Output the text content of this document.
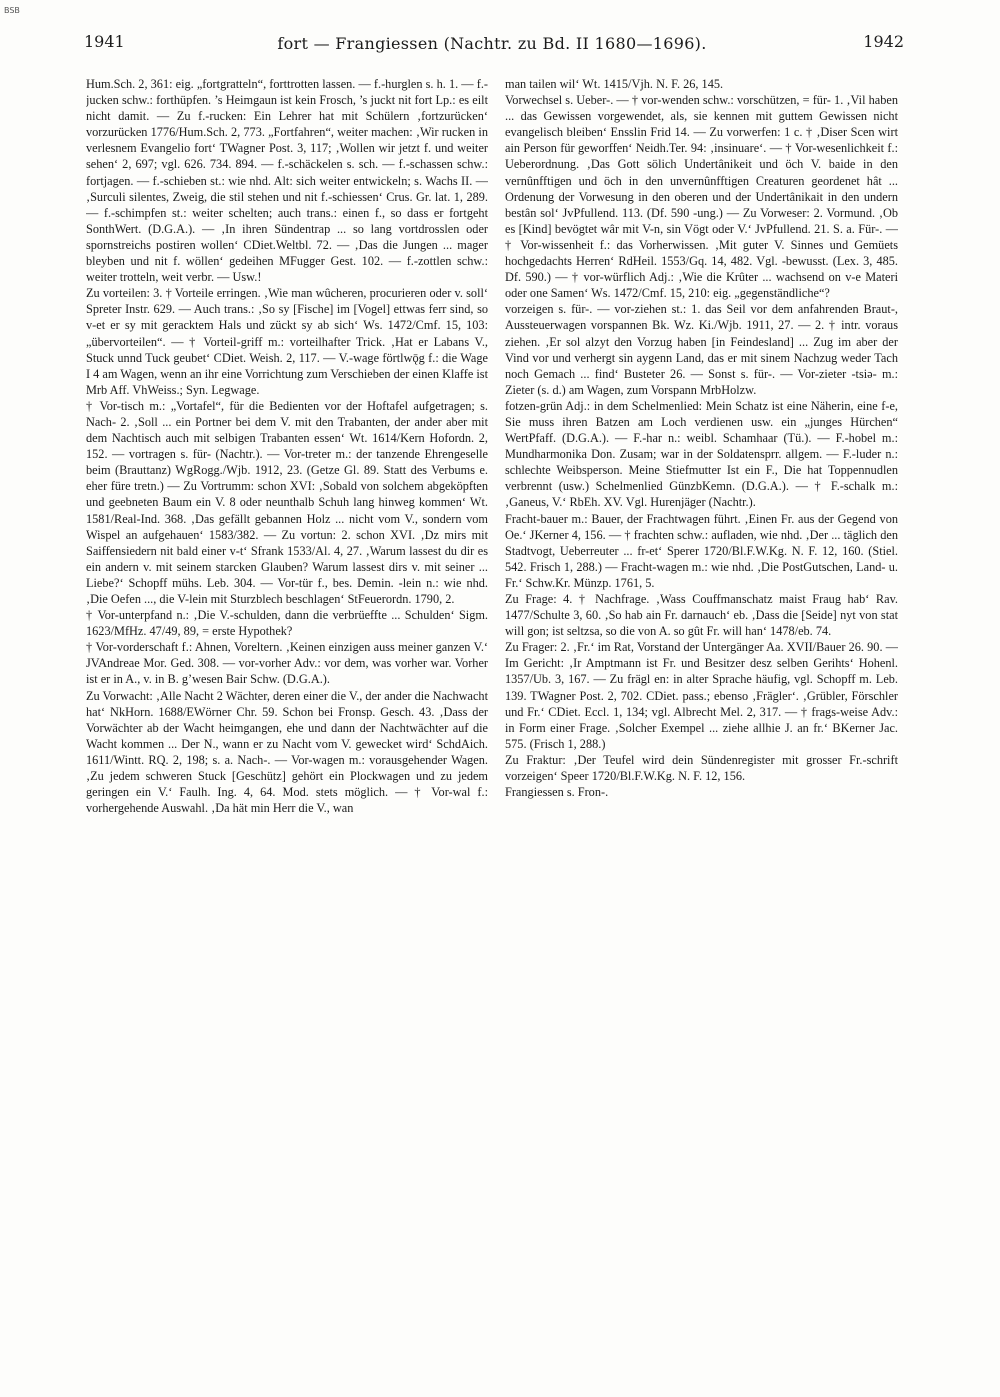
BSB
1941	fort — Frangiessen (Nachtr. zu Bd. II 1680—1696).	1942

Hum.Sch. 2, 361: eig. „fortgratteln“, forttrotten lassen. — f.-hurglen s. h. 1. — f.-jucken schw.: forthüpfen. ’s Heimgaun ist kein Frosch, ’s juckt nit fort Lp.: es eilt nicht damit. — Zu f.-rucken: Ein Lehrer hat mit Schülern ‚fortzurücken‘ vorzurücken 1776/Hum.Sch. 2, 773. „Fortfahren“, weiter machen: ‚Wir rucken in verlesnem Evangelio fort‘ TWagner Post. 3, 117; ‚Wollen wir jetzt f. und weiter sehen‘ 2, 697; vgl. 626. 734. 894. — f.-schäckelen s. sch. — f.-schassen schw.: fortjagen. — f.-schieben st.: wie nhd. Alt: sich weiter entwickeln; s. Wachs II. — ‚Surculi silentes, Zweig, die stil stehen und nit f.-schiessen‘ Crus. Gr. lat. 1, 289. — f.-schimpfen st.: weiter schelten; auch trans.: einen f., so dass er fortgeht SonthWert. (D.G.A.). — ‚In ihren Sündentrap ... so lang vortdrosslen oder spornstreichs postiren wollen‘ CDiet.Weltbl. 72. — ‚Das die Jungen ... mager bleyben und nit f. wöllen‘ gedeihen MFugger Gest. 102. — f.-zottlen schw.: weiter trotteln, weit verbr. — Usw.!

Zu vorteilen: 3. † Vorteile erringen. ‚Wie man wûcheren, procurieren oder v. soll‘ Spreter Instr. 629. — Auch trans.: ‚So sy [Fische] im [Vogel] ettwas ferr sind, so v-et er sy mit geracktem Hals und zückt sy ab sich‘ Ws. 1472/Cmf. 15, 103: „übervorteilen“. — † Vorteil-griff m.: vorteilhafter Trick. ‚Hat er Labans V., Stuck unnd Tuck geubet‘ CDiet. Weish. 2, 117. — V.-wage förtlwǭg f.: die Wage I 4 am Wagen, wenn an ihr eine Vorrichtung zum Verschieben der einen Klaffe ist Mrb Aff. VhWeiss.; Syn. Legwage.

† Vor-tisch m.: „Vortafel“, für die Bedienten vor der Hoftafel aufgetragen; s. Nach- 2. ‚Soll ... ein Portner bei dem V. mit den Trabanten, der ander aber mit dem Nachtisch auch mit selbigen Trabanten essen‘ Wt. 1614/Kern Hofordn. 2, 152. — vortragen s. für- (Nachtr.). — Vor-treter m.: der tanzende Ehrengeselle beim (Brauttanz) WgRogg./Wjb. 1912, 23. (Getze Gl. 89. Statt des Verbums e. eher füre tretn.) — Zu Vortrumm: schon XVI: ‚Sobald von solchem abgeköpften und geebneten Baum ein V. 8 oder neunthalb Schuh lang hinweg kommen‘ Wt. 1581/Real-Ind. 368. ‚Das gefällt gebannen Holz ... nicht vom V., sondern vom Wispel an aufgehauen‘ 1583/382. — Zu vortun: 2. schon XVI. ‚Dz mirs mit Saiffensiedern nit bald einer v-t‘ Sfrank 1533/Al. 4, 27. ‚Warum lassest du dir es ein andern v. mit seinem starcken Glauben? Warum lassest dirs v. mit seiner ... Liebe?‘ Schopff mühs. Leb. 304. — Vor-tür f., bes. Demin. -lein n.: wie nhd. ‚Die Oefen ..., die V-lein mit Sturzblech beschlagen‘ StFeuerordn. 1790, 2.

† Vor-unterpfand n.: ‚Die V.-schulden, dann die verbrüeffte ... Schulden‘ Sigm. 1623/MfHz. 47/49, 89, = erste Hypothek?

† Vor-vorderschaft f.: Ahnen, Voreltern. ‚Keinen einzigen auss meiner ganzen V.‘ JVAndreae Mor. Ged. 308. — vor-vorher Adv.: vor dem, was vorher war. Vorher ist er in A., v. in B. g’wesen Bair Schw. (D.G.A.).

Zu Vorwacht: ‚Alle Nacht 2 Wächter, deren einer die V., der ander die Nachwacht hat‘ NkHorn. 1688/EWörner Chr. 59. Schon bei Fronsp. Gesch. 43. ‚Dass der Vorwächter ab der Wacht heimgangen, ehe und dann der Nachtwächter auf die Wacht kommen ... Der N., wann er zu Nacht vom V. gewecket wird‘ SchdAich. 1611/Wintt. RQ. 2, 198; s. a. Nach-. — Vor-wagen m.: vorausgehender Wagen. ‚Zu jedem schweren Stuck [Geschütz] gehört ein Plockwagen und zu jedem geringen ein V.‘ Faulh. Ing. 4, 64. Mod. stets möglich. — † Vor-wal f.: vorhergehende Auswahl. ‚Da hät min Herr die V., wan

man tailen wil‘ Wt. 1415/Vjh. N. F. 26, 145.

Vorwechsel s. Ueber-. — † vor-wenden schw.: vorschützen, = für- 1. ‚Vil haben ... das Gewissen vorgewendet, als, sie kennen mit guttem Gewissen nicht evangelisch bleiben‘ Ensslin Frid 14. — Zu vorwerfen: 1 c. † ‚Diser Scen wirt ain Person für geworffen‘ Neidh.Ter. 94: ‚insinuare‘. — † Vor-wesenlichkeit f.: Ueberordnung. ‚Das Gott sölich Undertânikeit und öch V. baide in den vernûnfftigen und öch in den unvernûnfftigen Creaturen geordenet hât ... Ordenung der Vorwesung in den oberen und der Undertânikait in den undern bestân sol‘ JvPfullend. 113. (Df. 590 -ung.) — Zu Vorweser: 2. Vormund. ‚Ob es [Kind] bevögtet wâr mit V-n, sin Vögt oder V.‘ JvPfullend. 21. S. a. Für-. — † Vor-wissenheit f.: das Vorherwissen. ‚Mit guter V. Sinnes und Gemüets hochgedachts Herren‘ RdHeil. 1553/Gq. 14, 482. Vgl. -bewusst. (Lex. 3, 485. Df. 590.) — † vor-würflich Adj.: ‚Wie die Krûter ... wachsend on v-e Materi oder one Samen‘ Ws. 1472/Cmf. 15, 210: eig. „gegenständliche“?

vorzeigen s. für-. — vor-ziehen st.: 1. das Seil vor dem anfahrenden Braut-, Aussteuerwagen vorspannen Bk. Wz. Ki./Wjb. 1911, 27. — 2. † intr. voraus ziehen. ‚Er sol alzyt den Vorzug haben [in Feindesland] ... Zug im aber der Vind vor und verhergt sin aygenn Land, das er mit sinem Nachzug weder Tach noch Gemach ... find‘ Busteter 26. — Sonst s. für-. — Vor-zieter -tsiə- m.: Zieter (s. d.) am Wagen, zum Vorspann MrbHolzw.

fotzen-grün Adj.: in dem Schelmenlied: Mein Schatz ist eine Näherin, eine f-e, Sie muss ihren Batzen am Loch verdienen usw. ein „junges Hürchen“ WertPfaff. (D.G.A.). — F.-har n.: weibl. Schamhaar (Tü.). — F.-hobel m.: Mundharmonika Don. Zusam; war in der Soldatensprr. allgem. — F.-luder n.: schlechte Weibsperson. Meine Stiefmutter Ist ein F., Die hat Toppennudlen verbrennt (usw.) Schelmenlied GünzbKemn. (D.G.A.). — † F.-schalk m.: ‚Ganeus, V.‘ RbEh. XV. Vgl. Hurenjäger (Nachtr.).

Fracht-bauer m.: Bauer, der Frachtwagen führt. ‚Einen Fr. aus der Gegend von Oe.‘ JKerner 4, 156. — † frachten schw.: aufladen, wie nhd. ‚Der ... täglich den Stadtvogt, Ueberreuter ... fr-et‘ Sperer 1720/Bl.F.W.Kg. N. F. 12, 160. (Stiel. 542. Frisch 1, 288.) — Fracht-wagen m.: wie nhd. ‚Die PostGutschen, Land- u. Fr.‘ Schw.Kr. Münzp. 1761, 5.

Zu Frage: 4. † Nachfrage. ‚Wass Couffmanschatz maist Fraug hab‘ Rav. 1477/Schulte 3, 60. ‚So hab ain Fr. darnauch‘ eb. ‚Dass die [Seide] nyt von stat will gon; ist seltzsa, so die von A. so gût Fr. will han‘ 1478/eb. 74.

Zu Frager: 2. ‚Fr.‘ im Rat, Vorstand der Untergänger Aa. XVII/Bauer 26. 90. — Im Gericht: ‚Ir Amptmann ist Fr. und Besitzer desz selben Gerihts‘ Hohenl. 1357/Ub. 3, 167. — Zu frägl en: in alter Sprache häufig, vgl. Schopff m. Leb. 139. TWagner Post. 2, 702. CDiet. pass.; ebenso ‚Frägler‘. ‚Grübler, Förschler und Fr.‘ CDiet. Eccl. 1, 134; vgl. Albrecht Mel. 2, 317. — † frags-weise Adv.: in Form einer Frage. ‚Solcher Exempel ... ziehe allhie J. an fr.‘ BKerner Jac. 575. (Frisch 1, 288.)

Zu Fraktur: ‚Der Teufel wird dein Sündenregister mit grosser Fr.-schrift vorzeigen‘ Speer 1720/Bl.F.W.Kg. N. F. 12, 156.

Frangiessen s. Fron-.
